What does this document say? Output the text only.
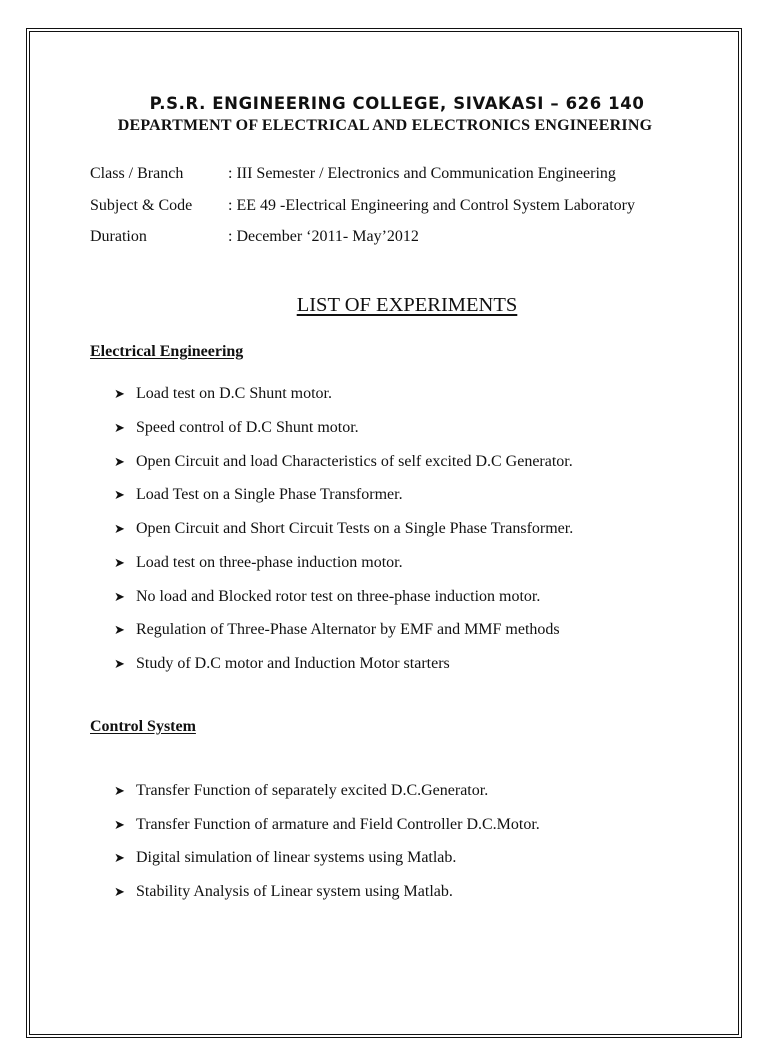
P.S.R. ENGINEERING COLLEGE, SIVAKASI – 626 140
DEPARTMENT OF ELECTRICAL AND ELECTRONICS ENGINEERING
Class / Branch	: III Semester / Electronics and Communication Engineering
Subject & Code : EE 49 -Electrical Engineering and Control System Laboratory
Duration	: December ‘2011- May’2012
LIST OF EXPERIMENTS
Electrical Engineering
➤ Load test on D.C Shunt motor.
➤ Speed control of D.C Shunt motor.
➤ Open Circuit and load Characteristics of self excited D.C Generator.
➤ Load Test on a Single Phase Transformer.
➤ Open Circuit and Short Circuit Tests on a Single Phase Transformer.
➤ Load test on three-phase induction motor.
➤ No load and Blocked rotor test on three-phase induction motor.
➤ Regulation of Three-Phase Alternator by EMF and MMF methods
➤ Study of D.C motor and Induction Motor starters
Control System
➤ Transfer Function of separately excited D.C.Generator.
➤ Transfer Function of armature and Field Controller D.C.Motor.
➤ Digital simulation of linear systems using Matlab.
➤ Stability Analysis of Linear system using Matlab.
